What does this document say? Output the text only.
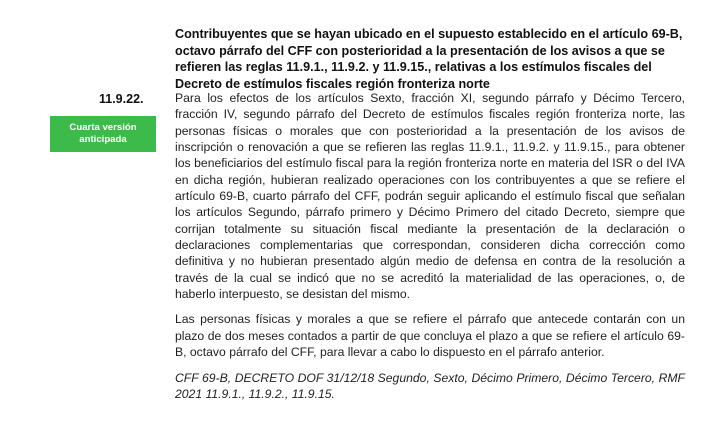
Contribuyentes que se hayan ubicado en el supuesto establecido en el artículo 69-B, octavo párrafo del CFF con posterioridad a la presentación de los avisos a que se refieren las reglas 11.9.1., 11.9.2. y 11.9.15., relativas a los estímulos fiscales del Decreto de estímulos fiscales región fronteriza norte
11.9.22.
Cuarta versión anticipada

Para los efectos de los artículos Sexto, fracción XI, segundo párrafo y Décimo Tercero, fracción IV, segundo párrafo del Decreto de estímulos fiscales región fronteriza norte, las personas físicas o morales que con posterioridad a la presentación de los avisos de inscripción o renovación a que se refieren las reglas 11.9.1., 11.9.2. y 11.9.15., para obtener los beneficiarios del estímulo fiscal para la región fronteriza norte en materia del ISR o del IVA en dicha región, hubieran realizado operaciones con los contribuyentes a que se refiere el artículo 69-B, cuarto párrafo del CFF, podrán seguir aplicando el estímulo fiscal que señalan los artículos Segundo, párrafo primero y Décimo Primero del citado Decreto, siempre que corrijan totalmente su situación fiscal mediante la presentación de la declaración o declaraciones complementarias que correspondan, consideren dicha corrección como definitiva y no hubieran presentado algún medio de defensa en contra de la resolución a través de la cual se indicó que no se acreditó la materialidad de las operaciones, o, de haberlo interpuesto, se desistan del mismo.

Las personas físicas y morales a que se refiere el párrafo que antecede contarán con un plazo de dos meses contados a partir de que concluya el plazo a que se refiere el artículo 69-B, octavo párrafo del CFF, para llevar a cabo lo dispuesto en el párrafo anterior.

CFF 69-B, DECRETO DOF 31/12/18 Segundo, Sexto, Décimo Primero, Décimo Tercero, RMF 2021 11.9.1., 11.9.2., 11.9.15.
